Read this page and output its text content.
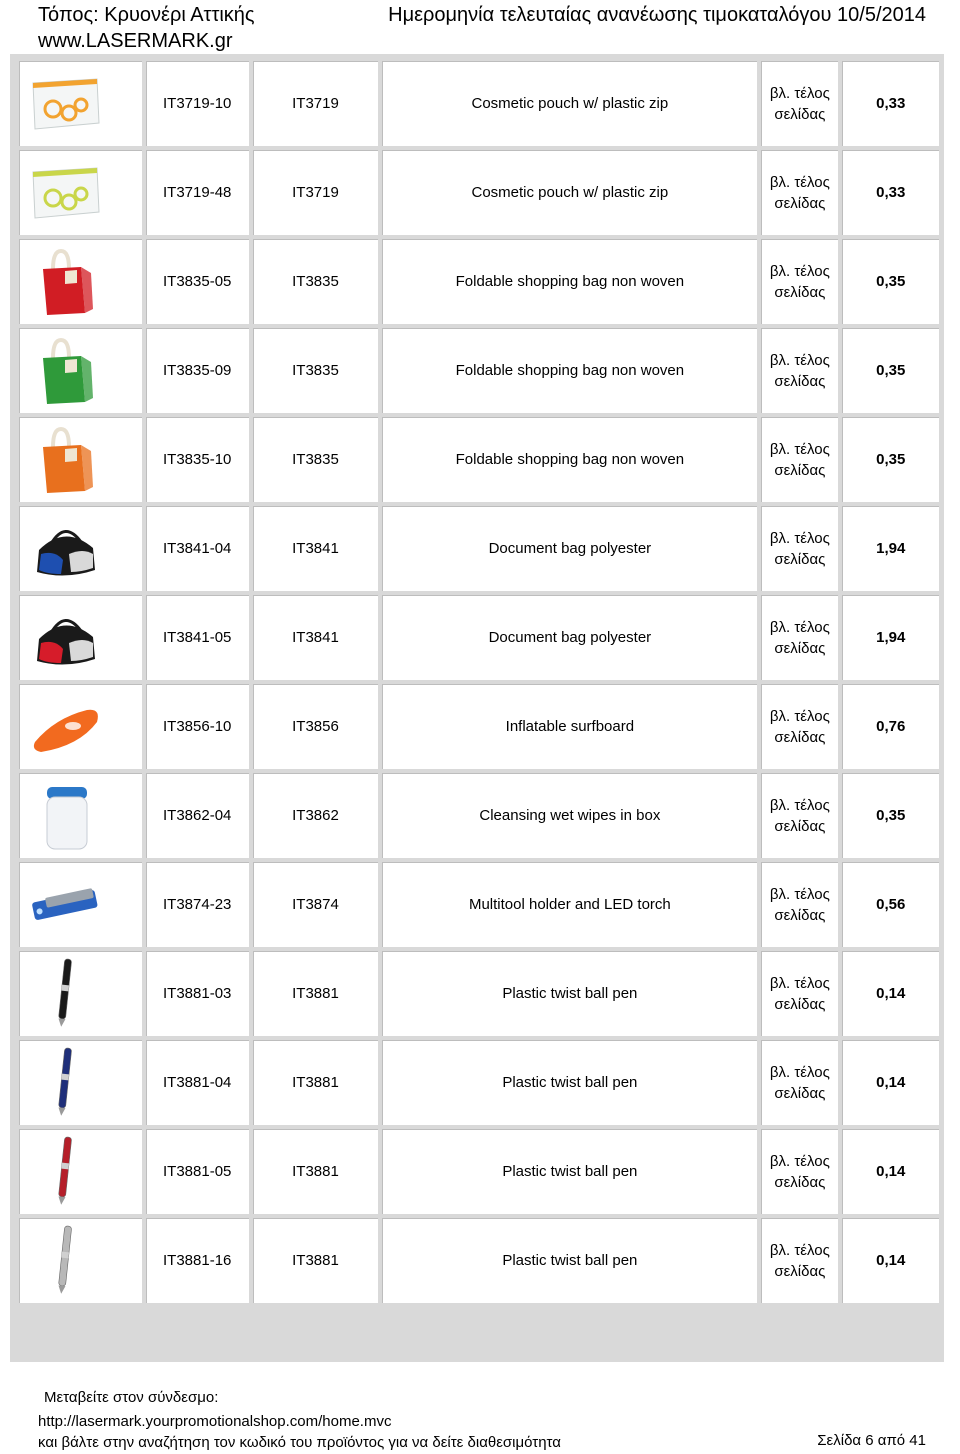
Τόπος: Κρυονέρι Αττικής
www.LASERMARK.gr
Ημερομηνία τελευταίας ανανέωσης τιμοκαταλόγου 10/5/2014
	IT3719-10	IT3719	Cosmetic pouch w/ plastic zip	βλ. τέλος
σελίδας	0,33

	IT3719-48	IT3719	Cosmetic pouch w/ plastic zip	βλ. τέλος
σελίδας	0,33

	IT3835-05	IT3835	Foldable shopping bag non woven	βλ. τέλος
σελίδας	0,35

	IT3835-09	IT3835	Foldable shopping bag non woven	βλ. τέλος
σελίδας	0,35

	IT3835-10	IT3835	Foldable shopping bag non woven	βλ. τέλος
σελίδας	0,35

	IT3841-04	IT3841	Document bag polyester	βλ. τέλος
σελίδας	1,94

	IT3841-05	IT3841	Document bag polyester	βλ. τέλος
σελίδας	1,94

	IT3856-10	IT3856	Inflatable surfboard	βλ. τέλος
σελίδας	0,76

	IT3862-04	IT3862	Cleansing wet wipes in box	βλ. τέλος
σελίδας	0,35

	IT3874-23	IT3874	Multitool holder and LED torch	βλ. τέλος
σελίδας	0,56

	IT3881-03	IT3881	Plastic twist ball pen	βλ. τέλος
σελίδας	0,14

	IT3881-04	IT3881	Plastic twist ball pen	βλ. τέλος
σελίδας	0,14

	IT3881-05	IT3881	Plastic twist ball pen	βλ. τέλος
σελίδας	0,14

	IT3881-16	IT3881	Plastic twist ball pen	βλ. τέλος
σελίδας	0,14
Μεταβείτε στον σύνδεσμο:
http://lasermark.yourpromotionalshop.com/home.mvc
και βάλτε στην αναζήτηση τον κωδικό του προϊόντος για να δείτε διαθεσιμότητα	Σελίδα 6 από 41
